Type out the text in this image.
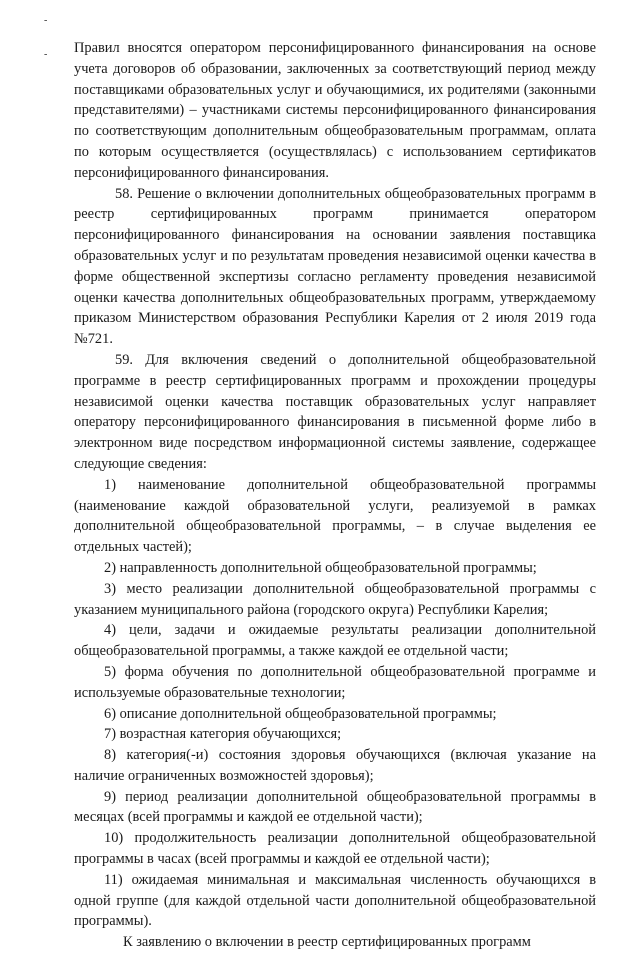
-
- Правил вносятся оператором персонифицированного финансирования на основе учета договоров об образовании, заключенных за соответствующий период между поставщиками образовательных услуг и обучающимися, их родителями (законными представителями) – участниками системы персонифицированного финансирования по соответствующим дополнительным общеобразовательным программам, оплата по которым осуществляется (осуществлялась) с использованием сертификатов персонифицированного финансирования.

58. Решение о включении дополнительных общеобразовательных программ в реестр сертифицированных программ принимается оператором персонифицированного финансирования на основании заявления поставщика образовательных услуг и по результатам проведения независимой оценки качества в форме общественной экспертизы согласно регламенту проведения независимой оценки качества дополнительных общеобразовательных программ, утверждаемому приказом Министерством образования Республики Карелия от 2 июля 2019 года №721.

59. Для включения сведений о дополнительной общеобразовательной программе в реестр сертифицированных программ и прохождении процедуры независимой оценки качества поставщик образовательных услуг направляет оператору персонифицированного финансирования в письменной форме либо в электронном виде посредством информационной системы заявление, содержащее следующие сведения:

1) наименование дополнительной общеобразовательной программы (наименование каждой образовательной услуги, реализуемой в рамках дополнительной общеобразовательной программы, – в случае выделения ее отдельных частей);

2) направленность дополнительной общеобразовательной программы;

3) место реализации дополнительной общеобразовательной программы с указанием муниципального района (городского округа) Республики Карелия;

4) цели, задачи и ожидаемые результаты реализации дополнительной общеобразовательной программы, а также каждой ее отдельной части;

5) форма обучения по дополнительной общеобразовательной программе и используемые образовательные технологии;

6) описание дополнительной общеобразовательной программы;

7) возрастная категория обучающихся;

8) категория(-и) состояния здоровья обучающихся (включая указание на наличие ограниченных возможностей здоровья);

9) период реализации дополнительной общеобразовательной программы в месяцах (всей программы и каждой ее отдельной части);

10) продолжительность реализации дополнительной общеобразовательной программы в часах (всей программы и каждой ее отдельной части);

11) ожидаемая минимальная и максимальная численность обучающихся в одной группе (для каждой отдельной части дополнительной общеобразовательной программы).

К заявлению о включении в реестр сертифицированных программ
